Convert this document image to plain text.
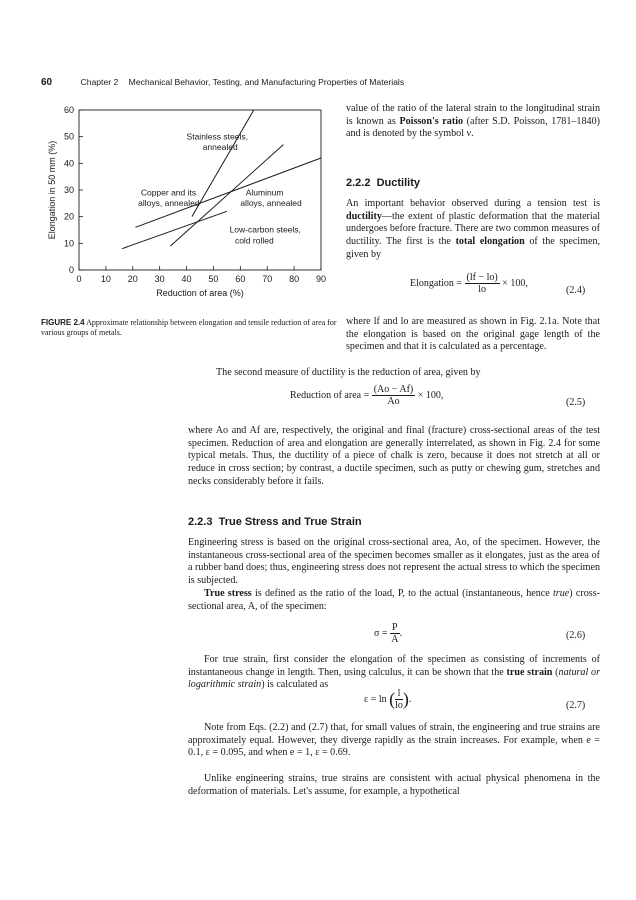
60	Chapter 2 Mechanical Behavior, Testing, and Manufacturing Properties of Materials
0 10 20 30 40 50 60 70 80 90
0
10
20
30
40
50
60
Reduction of area (%)
Elongation in 50 mm (%)
Stainless steels,
annealed
Copper and its
alloys, annealed
Aluminum
alloys, annealed
Low-carbon steels,
cold rolled
FIGURE 2.4 Approximate relationship between elongation and tensile reduction of area for various groups of metals.

value of the ratio of the lateral strain to the longitudinal strain is known as Poisson's ratio (after S.D. Poisson, 1781–1840) and is denoted by the symbol ν.

2.2.2 Ductility

An important behavior observed during a tension test is ductility—the extent of plastic deformation that the material undergoes before fracture. There are two common measures of ductility. The first is the total elongation of the specimen, given by

Elongation = $\frac{(lf - lo)}{lo} \times 100$,
(2.4)

where lf and lo are measured as shown in Fig. 2.1a. Note that the elongation is based on the original gage length of the specimen and that it is calculated as a percentage.

The second measure of ductility is the reduction of area, given by

Reduction of area = $\frac{(Ao - Af)}{Ao} \times 100$,
(2.5)

where Ao and Af are, respectively, the original and final (fracture) cross-sectional areas of the test specimen. Reduction of area and elongation are generally interrelated, as shown in Fig. 2.4 for some typical metals. Thus, the ductility of a piece of chalk is zero, because it does not stretch at all or reduce in cross section; by contrast, a ductile specimen, such as putty or chewing gum, stretches and necks considerably before it fails.

2.2.3 True Stress and True Strain

Engineering stress is based on the original cross-sectional area, Ao, of the specimen. However, the instantaneous cross-sectional area of the specimen becomes smaller as it elongates, just as the area of a rubber band does; thus, engineering stress does not represent the actual stress to which the specimen is subjected.

True stress is defined as the ratio of the load, P, to the actual (instantaneous, hence true) cross-sectional area, A, of the specimen:

$\sigma = \frac{P}{A}$ .	(2.6)

For true strain, first consider the elongation of the specimen as consisting of increments of instantaneous change in length. Then, using calculus, it can be shown that the true strain (natural or logarithmic strain) is calculated as

ε = ln ( $\frac{l}{lo}$ ).
(2.7)

Note from Eqs. (2.2) and (2.7) that, for small values of strain, the engineering and true strains are approximately equal. However, they diverge rapidly as the strain increases. For example, when e = 0.1, ε = 0.095, and when e = 1, ε = 0.69.

Unlike engineering strains, true strains are consistent with actual physical phenomena in the deformation of materials. Let's assume, for example, a hypothetical
